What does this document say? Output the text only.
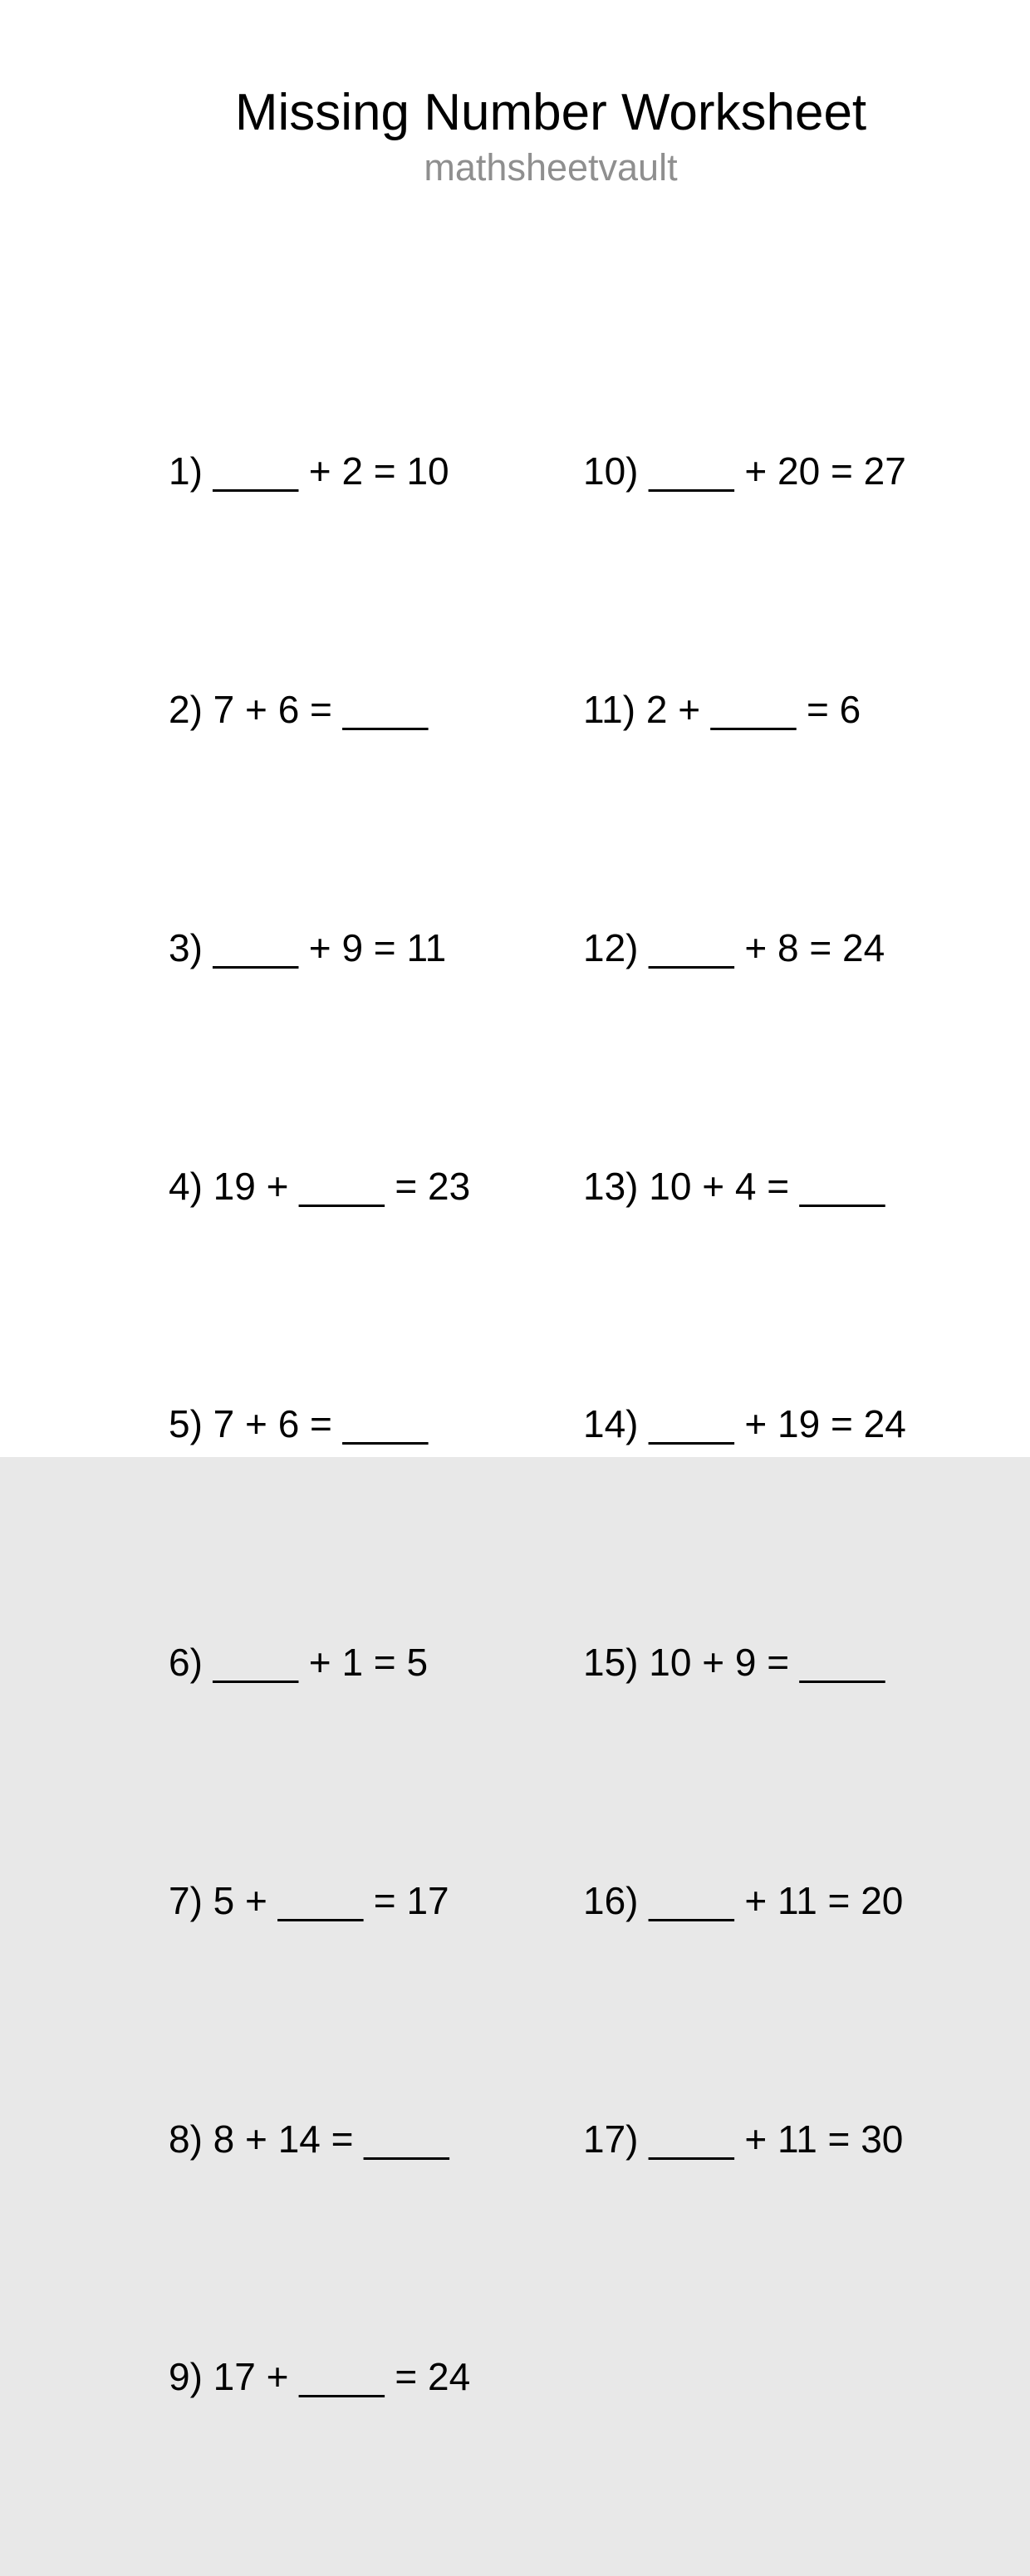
Missing Number Worksheet
mathsheetvault

1) ____ + 2 = 10

2) 7 + 6 = ____

3) ____ + 9 = 11

4) 19 + ____ = 23

5) 7 + 6 = ____

6) ____ + 1 = 5

7) 5 + ____ = 17

8) 8 + 14 = ____

9) 17 + ____ = 24

10) ____ + 20 = 27

11) 2 + ____ = 6

12) ____ + 8 = 24

13) 10 + 4 = ____

14) ____ + 19 = 24

15) 10 + 9 = ____

16) ____ + 11 = 20

17) ____ + 11 = 30
